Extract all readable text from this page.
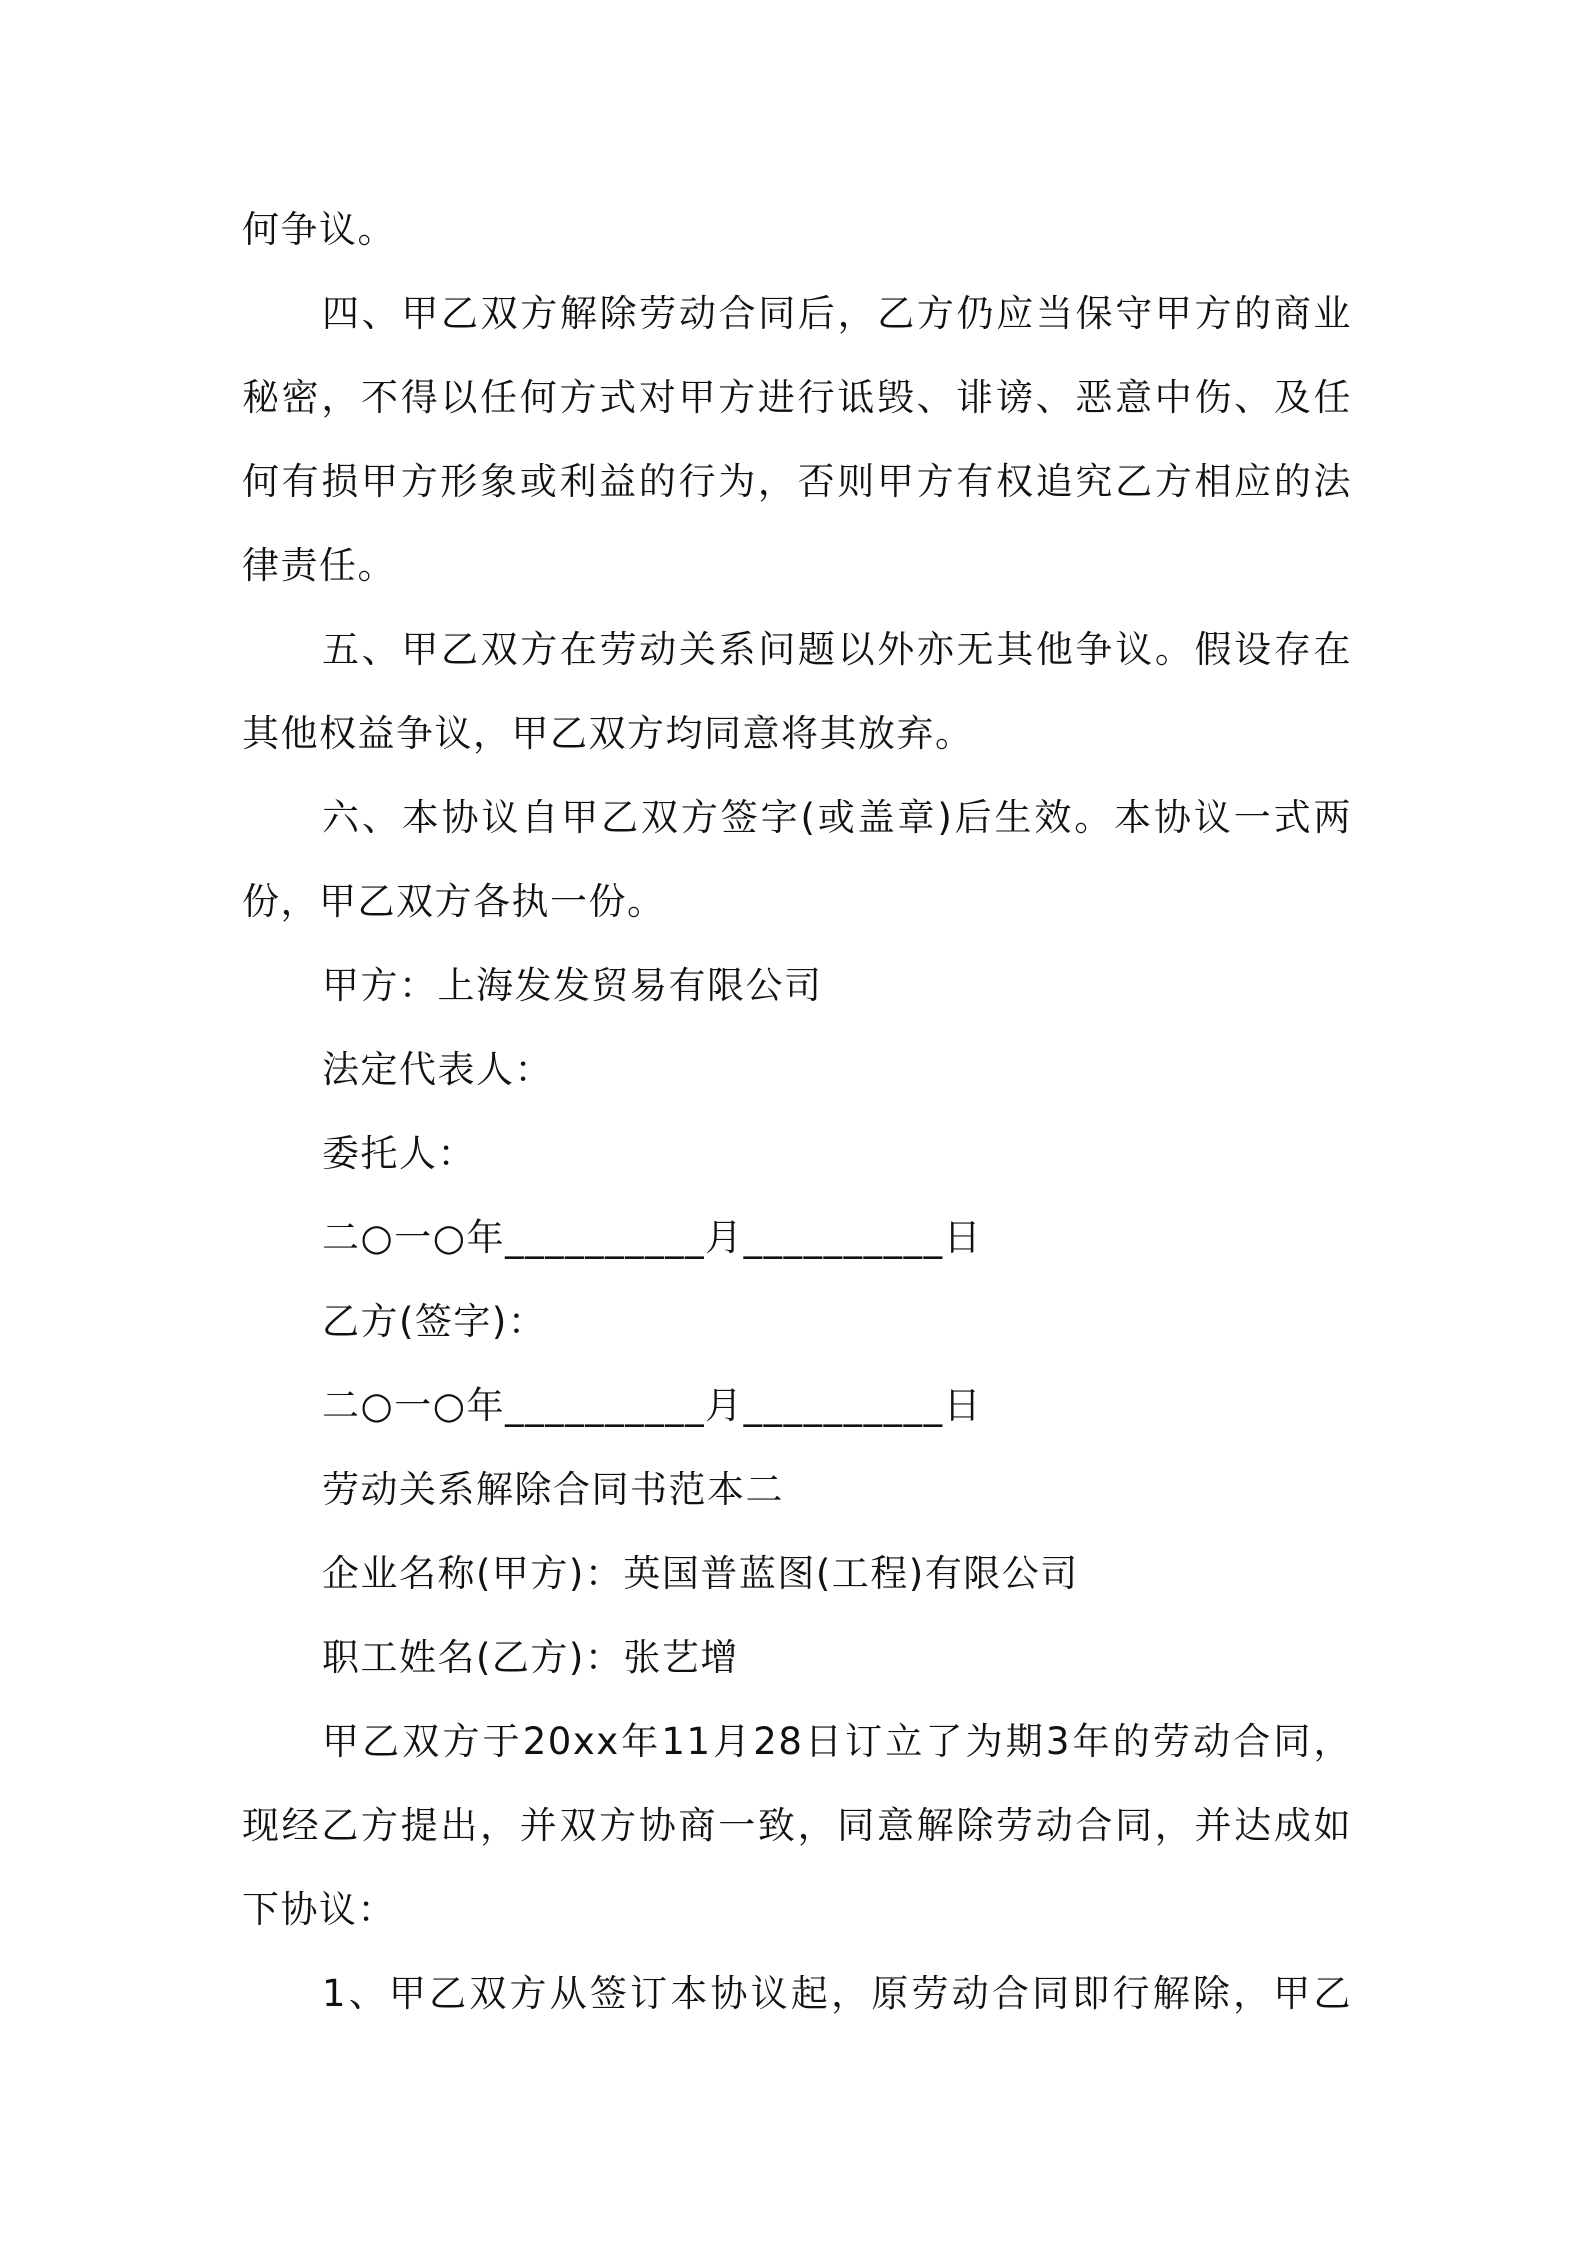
何争议。
四、甲乙双方解除劳动合同后，乙方仍应当保守甲方的商业
秘密，不得以任何方式对甲方进行诋毁、诽谤、恶意中伤、及任
何有损甲方形象或利益的行为，否则甲方有权追究乙方相应的法
律责任。
五、甲乙双方在劳动关系问题以外亦无其他争议。假设存在
其他权益争议，甲乙双方均同意将其放弃。
六、本协议自甲乙双方签字(或盖章)后生效。本协议一式两
份，甲乙双方各执一份。
甲方：上海发发贸易有限公司
法定代表人：
委托人：
二○一○年__________月__________日
乙方(签字)：
二○一○年__________月__________日
劳动关系解除合同书范本二
企业名称(甲方)：英国普蓝图(工程)有限公司
职工姓名(乙方)：张艺增
甲乙双方于20xx年11月28日订立了为期3年的劳动合同，
现经乙方提出，并双方协商一致，同意解除劳动合同，并达成如
下协议：
1、甲乙双方从签订本协议起，原劳动合同即行解除，甲乙
